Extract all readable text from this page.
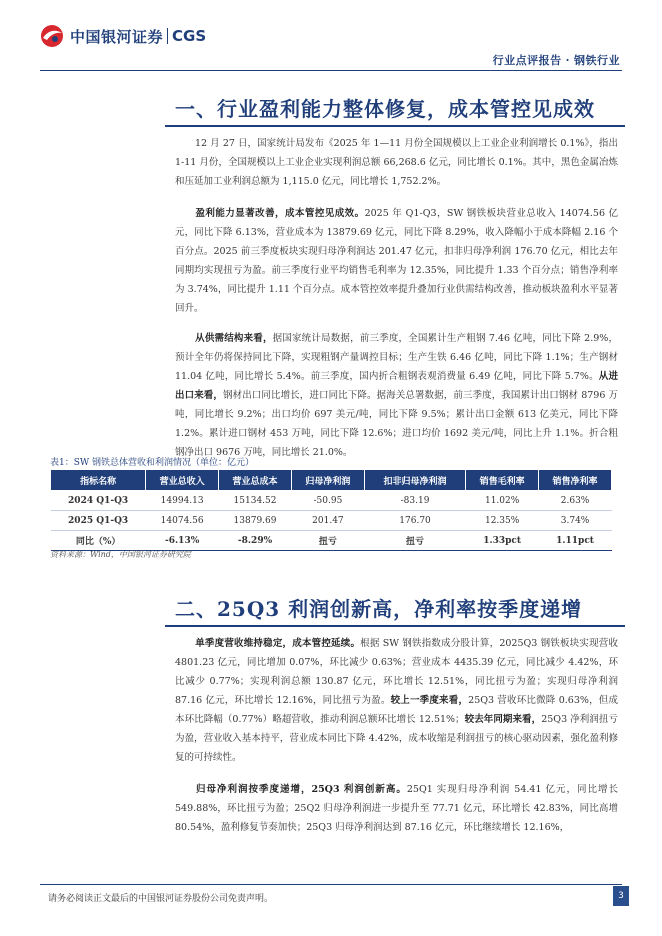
中国银河证券 CGS
行业点评报告 · 钢铁行业
一、行业盈利能力整体修复，成本管控见成效
12 月 27 日，国家统计局发布《2025 年 1—11 月份全国规模以上工业企业利润增长 0.1%》，指出 1-11 月份，全国规模以上工业企业实现利润总额 66,268.6 亿元，同比增长 0.1%。其中，黑色金属冶炼和压延加工业利润总额为 1,115.0 亿元，同比增长 1,752.2%。
盈利能力显著改善，成本管控见成效。2025 年 Q1-Q3，SW 钢铁板块营业总收入 14074.56 亿元，同比下降 6.13%，营业成本为 13879.69 亿元，同比下降 8.29%，收入降幅小于成本降幅 2.16 个百分点。2025 前三季度板块实现归母净利润达 201.47 亿元，扣非归母净利润 176.70 亿元，相比去年同期均实现扭亏为盈。前三季度行业平均销售毛利率为 12.35%，同比提升 1.33 个百分点；销售净利率为 3.74%，同比提升 1.11 个百分点。成本管控效率提升叠加行业供需结构改善，推动板块盈利水平显著回升。
从供需结构来看，据国家统计局数据，前三季度，全国累计生产粗钢 7.46 亿吨，同比下降 2.9%，预计全年仍将保持同比下降，实现粗钢产量调控目标；生产生铁 6.46 亿吨，同比下降 1.1%；生产钢材 11.04 亿吨，同比增长 5.4%。前三季度，国内折合粗钢表观消费量 6.49 亿吨，同比下降 5.7%。从进出口来看，钢材出口同比增长，进口同比下降。据海关总署数据，前三季度，我国累计出口钢材 8796 万吨，同比增长 9.2%；出口均价 697 美元/吨，同比下降 9.5%；累计出口金额 613 亿美元，同比下降 1.2%。累计进口钢材 453 万吨，同比下降 12.6%；进口均价 1692 美元/吨，同比上升 1.1%。折合粗钢净出口 9676 万吨，同比增长 21.0%。
表1：SW 钢铁总体营收和利润情况（单位：亿元）
指标名称	营业总收入	营业总成本	归母净利润	扣非归母净利润	销售毛利率	销售净利率
2024 Q1-Q3	14994.13	15134.52	-50.95	-83.19	11.02%	2.63%
2025 Q1-Q3	14074.56	13879.69	201.47	176.70	12.35%	3.74%
同比（%）	-6.13%	-8.29%	扭亏	扭亏	1.33pct	1.11pct
资料来源：Wind，中国银河证券研究院
二、25Q3 利润创新高，净利率按季度递增
单季度营收维持稳定，成本管控延续。根据 SW 钢铁指数成分股计算，2025Q3 钢铁板块实现营收 4801.23 亿元，同比增加 0.07%，环比减少 0.63%；营业成本 4435.39 亿元，同比减少 4.42%，环比减少 0.77%；实现利润总额 130.87 亿元，环比增长 12.51%，同比扭亏为盈；实现归母净利润 87.16 亿元，环比增长 12.16%，同比扭亏为盈。较上一季度来看，25Q3 营收环比微降 0.63%，但成本环比降幅（0.77%）略超营收，推动利润总额环比增长 12.51%；较去年同期来看，25Q3 净利润扭亏为盈，营业收入基本持平，营业成本同比下降 4.42%，成本收缩是利润扭亏的核心驱动因素，强化盈利修复的可持续性。
归母净利润按季度递增，25Q3 利润创新高。25Q1 实现归母净利润 54.41 亿元，同比增长 549.88%，环比扭亏为盈；25Q2 归母净利润进一步提升至 77.71 亿元，环比增长 42.83%，同比高增 80.54%，盈利修复节奏加快；25Q3 归母净利润达到 87.16 亿元，环比继续增长 12.16%，
请务必阅读正文最后的中国银河证券股份公司免责声明。	3
